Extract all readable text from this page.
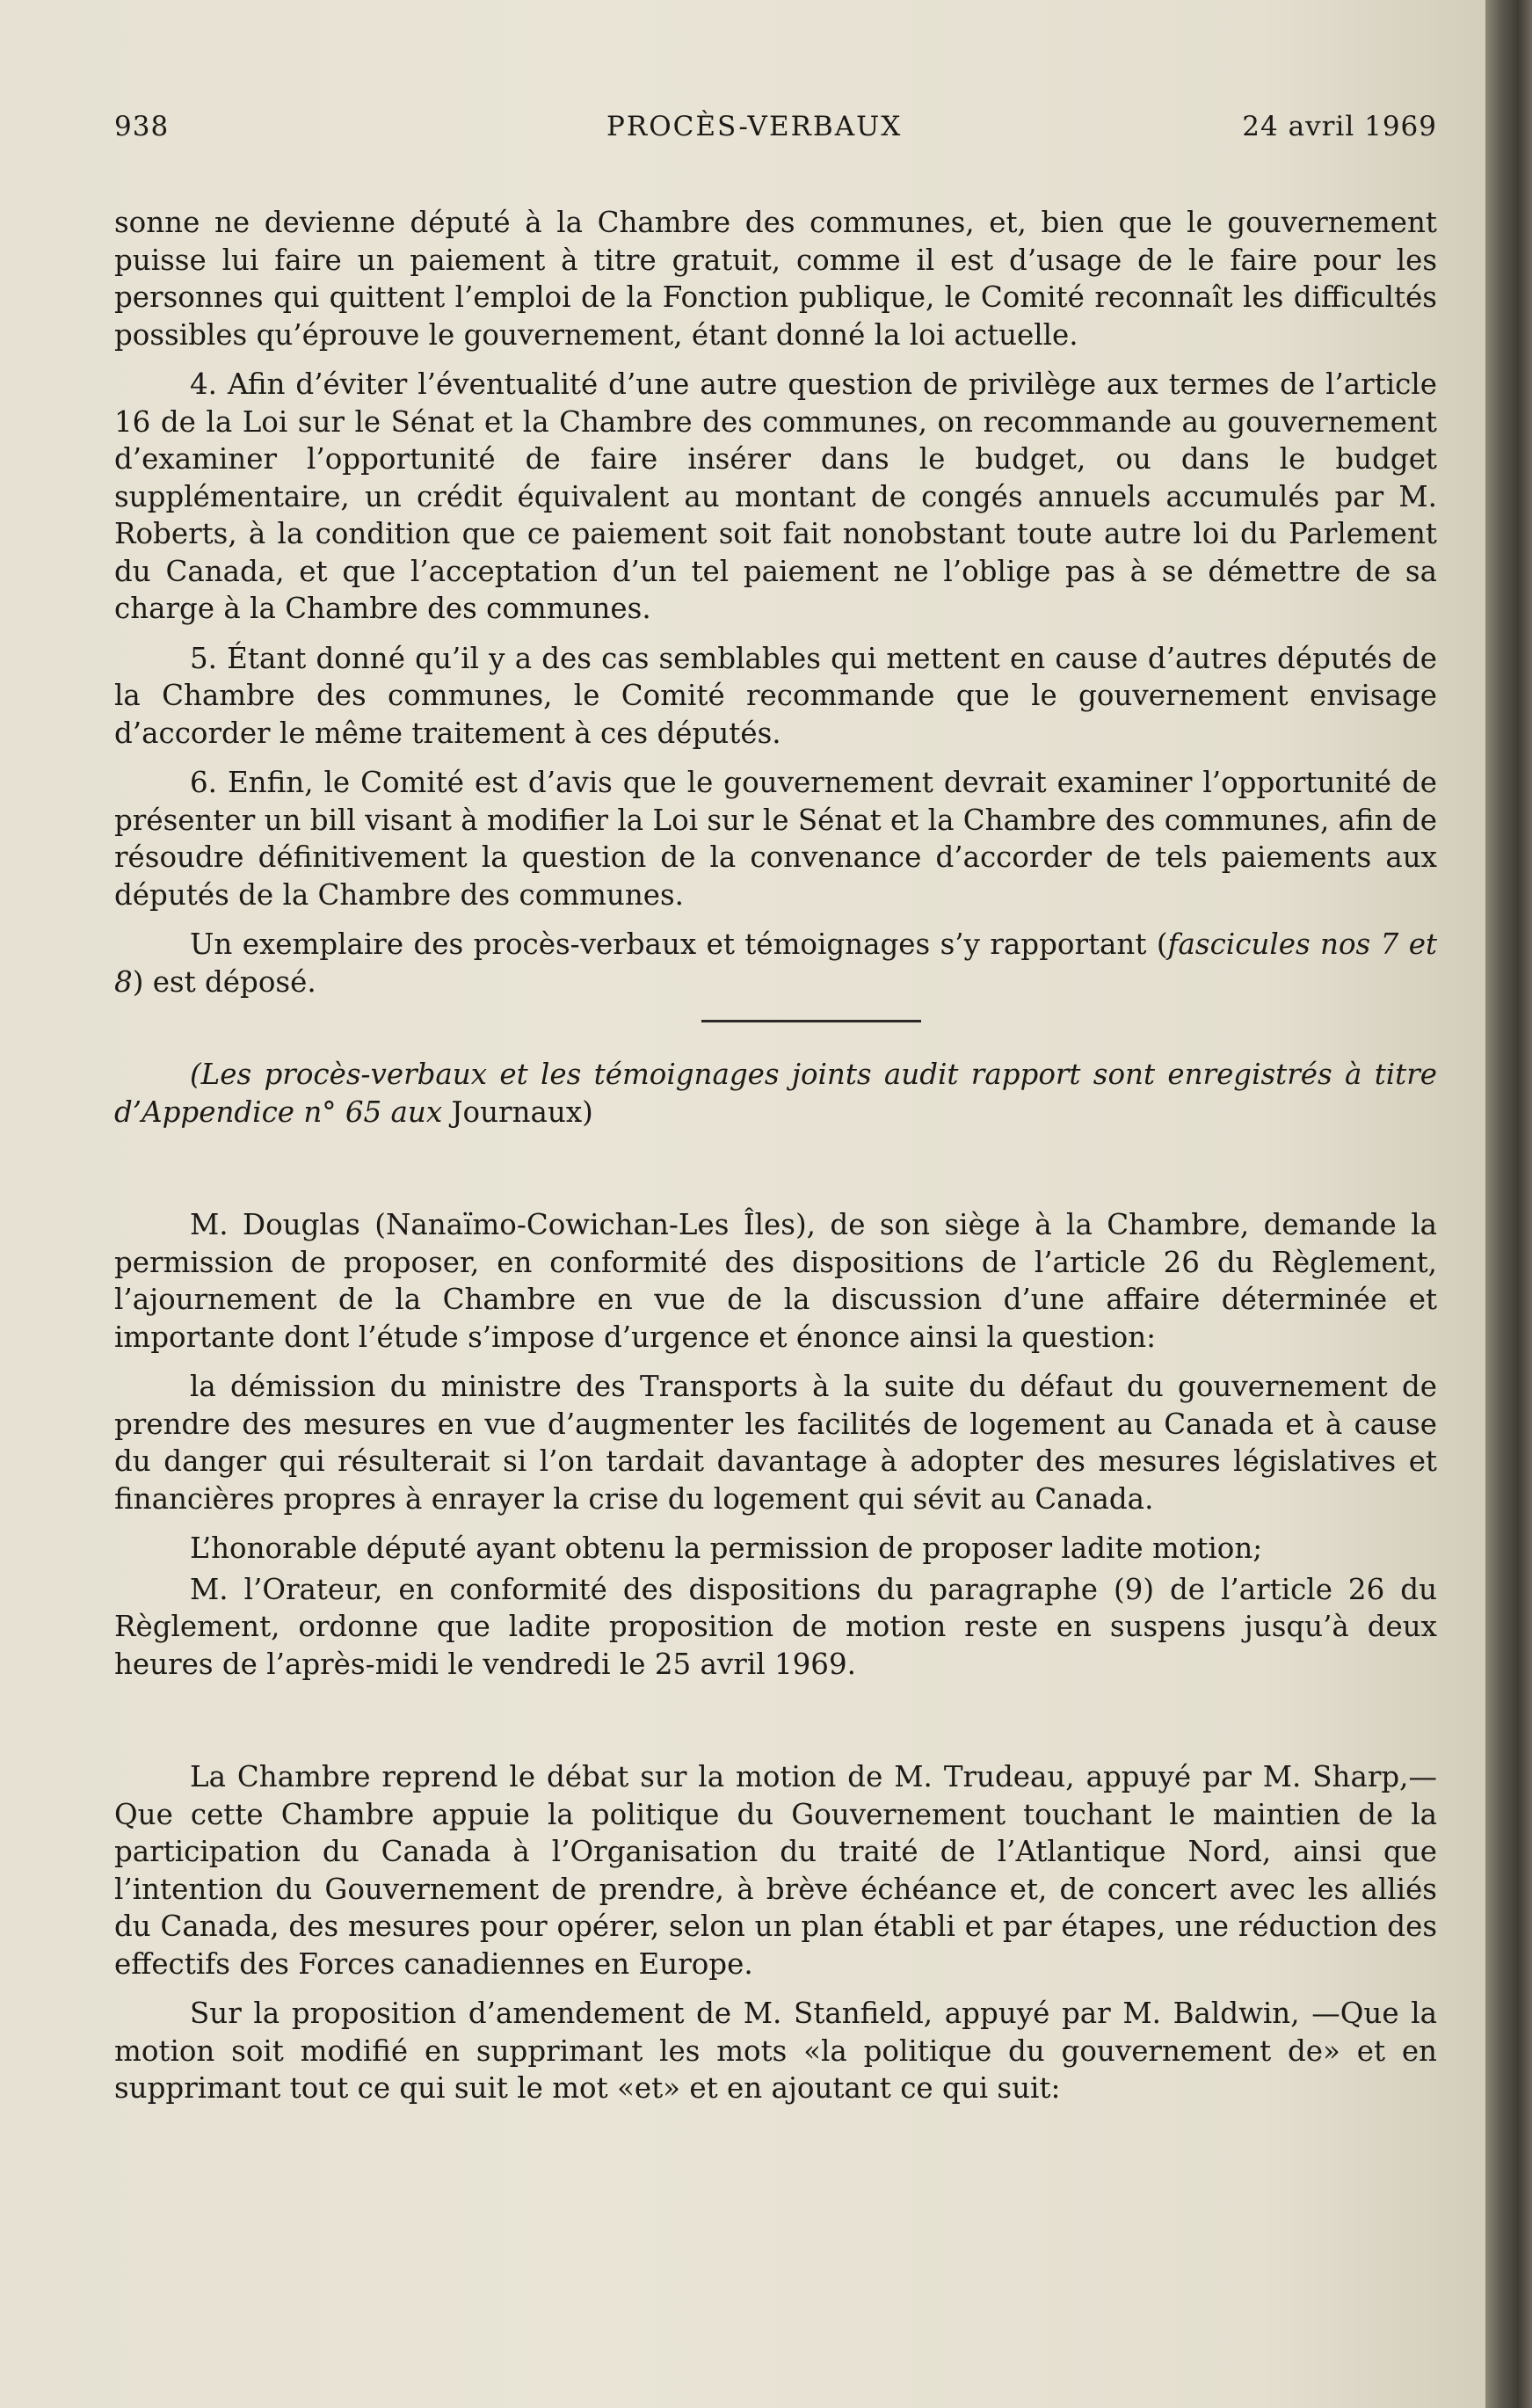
938	PROCÈS-VERBAUX	24 avril 1969

sonne ne devienne député à la Chambre des communes, et, bien que le gouvernement puisse lui faire un paiement à titre gratuit, comme il est d’usage de le faire pour les personnes qui quittent l’emploi de la Fonction publique, le Comité reconnaît les difficultés possibles qu’éprouve le gouvernement, étant donné la loi actuelle.

4. Afin d’éviter l’éventualité d’une autre question de privilège aux termes de l’article 16 de la Loi sur le Sénat et la Chambre des communes, on recommande au gouvernement d’examiner l’opportunité de faire insérer dans le budget, ou dans le budget supplémentaire, un crédit équivalent au montant de congés annuels accumulés par M. Roberts, à la condition que ce paiement soit fait nonobstant toute autre loi du Parlement du Canada, et que l’acceptation d’un tel paiement ne l’oblige pas à se démettre de sa charge à la Chambre des communes.

5. Étant donné qu’il y a des cas semblables qui mettent en cause d’autres députés de la Chambre des communes, le Comité recommande que le gouvernement envisage d’accorder le même traitement à ces députés.

6. Enfin, le Comité est d’avis que le gouvernement devrait examiner l’opportunité de présenter un bill visant à modifier la Loi sur le Sénat et la Chambre des communes, afin de résoudre définitivement la question de la convenance d’accorder de tels paiements aux députés de la Chambre des communes.

Un exemplaire des procès-verbaux et témoignages s’y rapportant (fascicules nos 7 et 8) est déposé.

(Les procès-verbaux et les témoignages joints audit rapport sont enregistrés à titre d’Appendice n° 65 aux Journaux)

M. Douglas (Nanaïmo-Cowichan-Les Îles), de son siège à la Chambre, demande la permission de proposer, en conformité des dispositions de l’article 26 du Règlement, l’ajournement de la Chambre en vue de la discussion d’une affaire déterminée et importante dont l’étude s’impose d’urgence et énonce ainsi la question:

la démission du ministre des Transports à la suite du défaut du gouvernement de prendre des mesures en vue d’augmenter les facilités de logement au Canada et à cause du danger qui résulterait si l’on tardait davantage à adopter des mesures législatives et financières propres à enrayer la crise du logement qui sévit au Canada.

L’honorable député ayant obtenu la permission de proposer ladite motion;

M. l’Orateur, en conformité des dispositions du paragraphe (9) de l’article 26 du Règlement, ordonne que ladite proposition de motion reste en suspens jusqu’à deux heures de l’après-midi le vendredi le 25 avril 1969.

La Chambre reprend le débat sur la motion de M. Trudeau, appuyé par M. Sharp,—Que cette Chambre appuie la politique du Gouvernement touchant le maintien de la participation du Canada à l’Organisation du traité de l’Atlantique Nord, ainsi que l’intention du Gouvernement de prendre, à brève échéance et, de concert avec les alliés du Canada, des mesures pour opérer, selon un plan établi et par étapes, une réduction des effectifs des Forces canadiennes en Europe.

Sur la proposition d’amendement de M. Stanfield, appuyé par M. Baldwin, —Que la motion soit modifié en supprimant les mots «la politique du gouvernement de» et en supprimant tout ce qui suit le mot «et» et en ajoutant ce qui suit:
